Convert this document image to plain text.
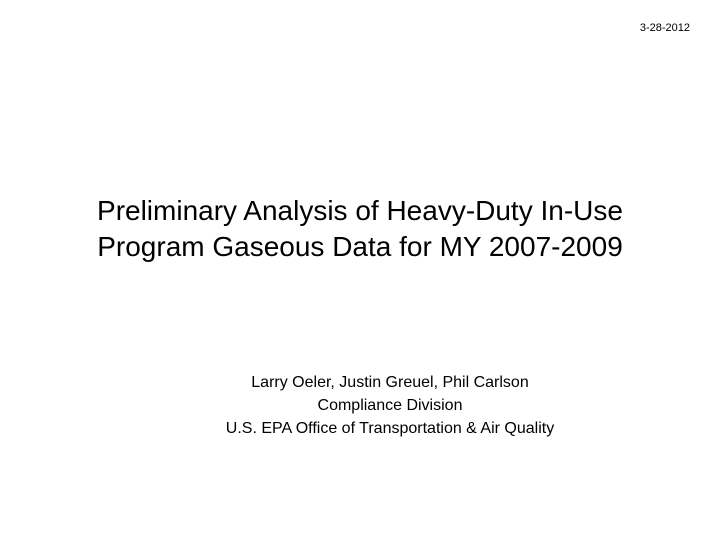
3-28-2012
Preliminary Analysis of Heavy-Duty In-Use
Program Gaseous Data for MY 2007-2009
Larry Oeler, Justin Greuel, Phil Carlson
Compliance Division
U.S. EPA Office of Transportation & Air Quality
